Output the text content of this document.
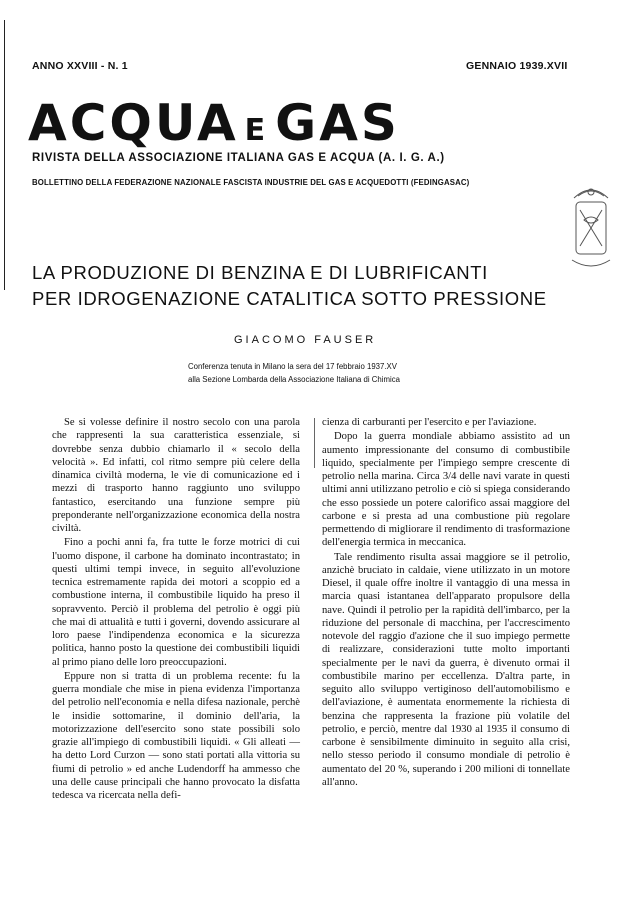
ANNO XXVIII - N. 1	GENNAIO 1939.XVII
ACQUA E GAS
RIVISTA DELLA ASSOCIAZIONE ITALIANA GAS E ACQUA (A. I. G. A.)
BOLLETTINO DELLA FEDERAZIONE NAZIONALE FASCISTA INDUSTRIE DEL GAS E ACQUEDOTTI (FEDINGASAC)
LA PRODUZIONE DI BENZINA E DI LUBRIFICANTI
PER IDROGENAZIONE CATALITICA SOTTO PRESSIONE
GIACOMO FAUSER
Conferenza tenuta in Milano la sera del 17 febbraio 1937.XV
alla Sezione Lombarda della Associazione Italiana di Chimica

Se si volesse definire il nostro secolo con una parola che rappresenti la sua caratteristica essenziale, si dovrebbe senza dubbio chiamarlo il « secolo della velocità ». Ed infatti, col ritmo sempre più celere della dinamica civiltà moderna, le vie di comunicazione ed i mezzi di trasporto hanno raggiunto uno sviluppo fantastico, esercitando una funzione sempre più preponderante nell'organizzazione economica della nostra civiltà.

Fino a pochi anni fa, fra tutte le forze motrici di cui l'uomo dispone, il carbone ha dominato incontrastato; in questi ultimi tempi invece, in seguito all'evoluzione tecnica estremamente rapida dei motori a scoppio ed a combustione interna, il combustibile liquido ha preso il sopravvento. Perciò il problema del petrolio è oggi più che mai di attualità e tutti i governi, dovendo assicurare al loro paese l'indipendenza economica e la sicurezza politica, hanno posto la questione dei combustibili liquidi al primo piano delle loro preoccupazioni.

Eppure non si tratta di un problema recente: fu la guerra mondiale che mise in piena evidenza l'importanza del petrolio nell'economia e nella difesa nazionale, perchè le insidie sottomarine, il dominio dell'aria, la motorizzazione dell'esercito sono state possibili solo grazie all'impiego di combustibili liquidi. « Gli alleati — ha detto Lord Curzon — sono stati portati alla vittoria su fiumi di petrolio » ed anche Ludendorff ha ammesso che una delle cause principali che hanno provocato la disfatta tedesca va ricercata nella defi-

cienza di carburanti per l'esercito e per l'aviazione.

Dopo la guerra mondiale abbiamo assistito ad un aumento impressionante del consumo di combustibile liquido, specialmente per l'impiego sempre crescente di petrolio nella marina. Circa 3/4 delle navi varate in questi ultimi anni utilizzano petrolio e ciò si spiega considerando che esso possiede un potere calorifico assai maggiore del carbone e si presta ad una combustione più regolare permettendo di migliorare il rendimento di trasformazione dell'energia termica in meccanica.

Tale rendimento risulta assai maggiore se il petrolio, anzichè bruciato in caldaie, viene utilizzato in un motore Diesel, il quale offre inoltre il vantaggio di una messa in marcia quasi istantanea dell'apparato propulsore della nave. Quindi il petrolio per la rapidità dell'imbarco, per la riduzione del personale di macchina, per l'accrescimento notevole del raggio d'azione che il suo impiego permette di realizzare, considerazioni tutte molto importanti specialmente per le navi da guerra, è divenuto ormai il combustibile marino per eccellenza. D'altra parte, in seguito allo sviluppo vertiginoso dell'automobilismo e dell'aviazione, è aumentata enormemente la richiesta di benzina che rappresenta la frazione più volatile del petrolio, e perciò, mentre dal 1930 al 1935 il consumo di carbone è sensibilmente diminuito in seguito alla crisi, nello stesso periodo il consumo mondiale di petrolio è aumentato del 20 %, superando i 200 milioni di tonnellate all'anno.
